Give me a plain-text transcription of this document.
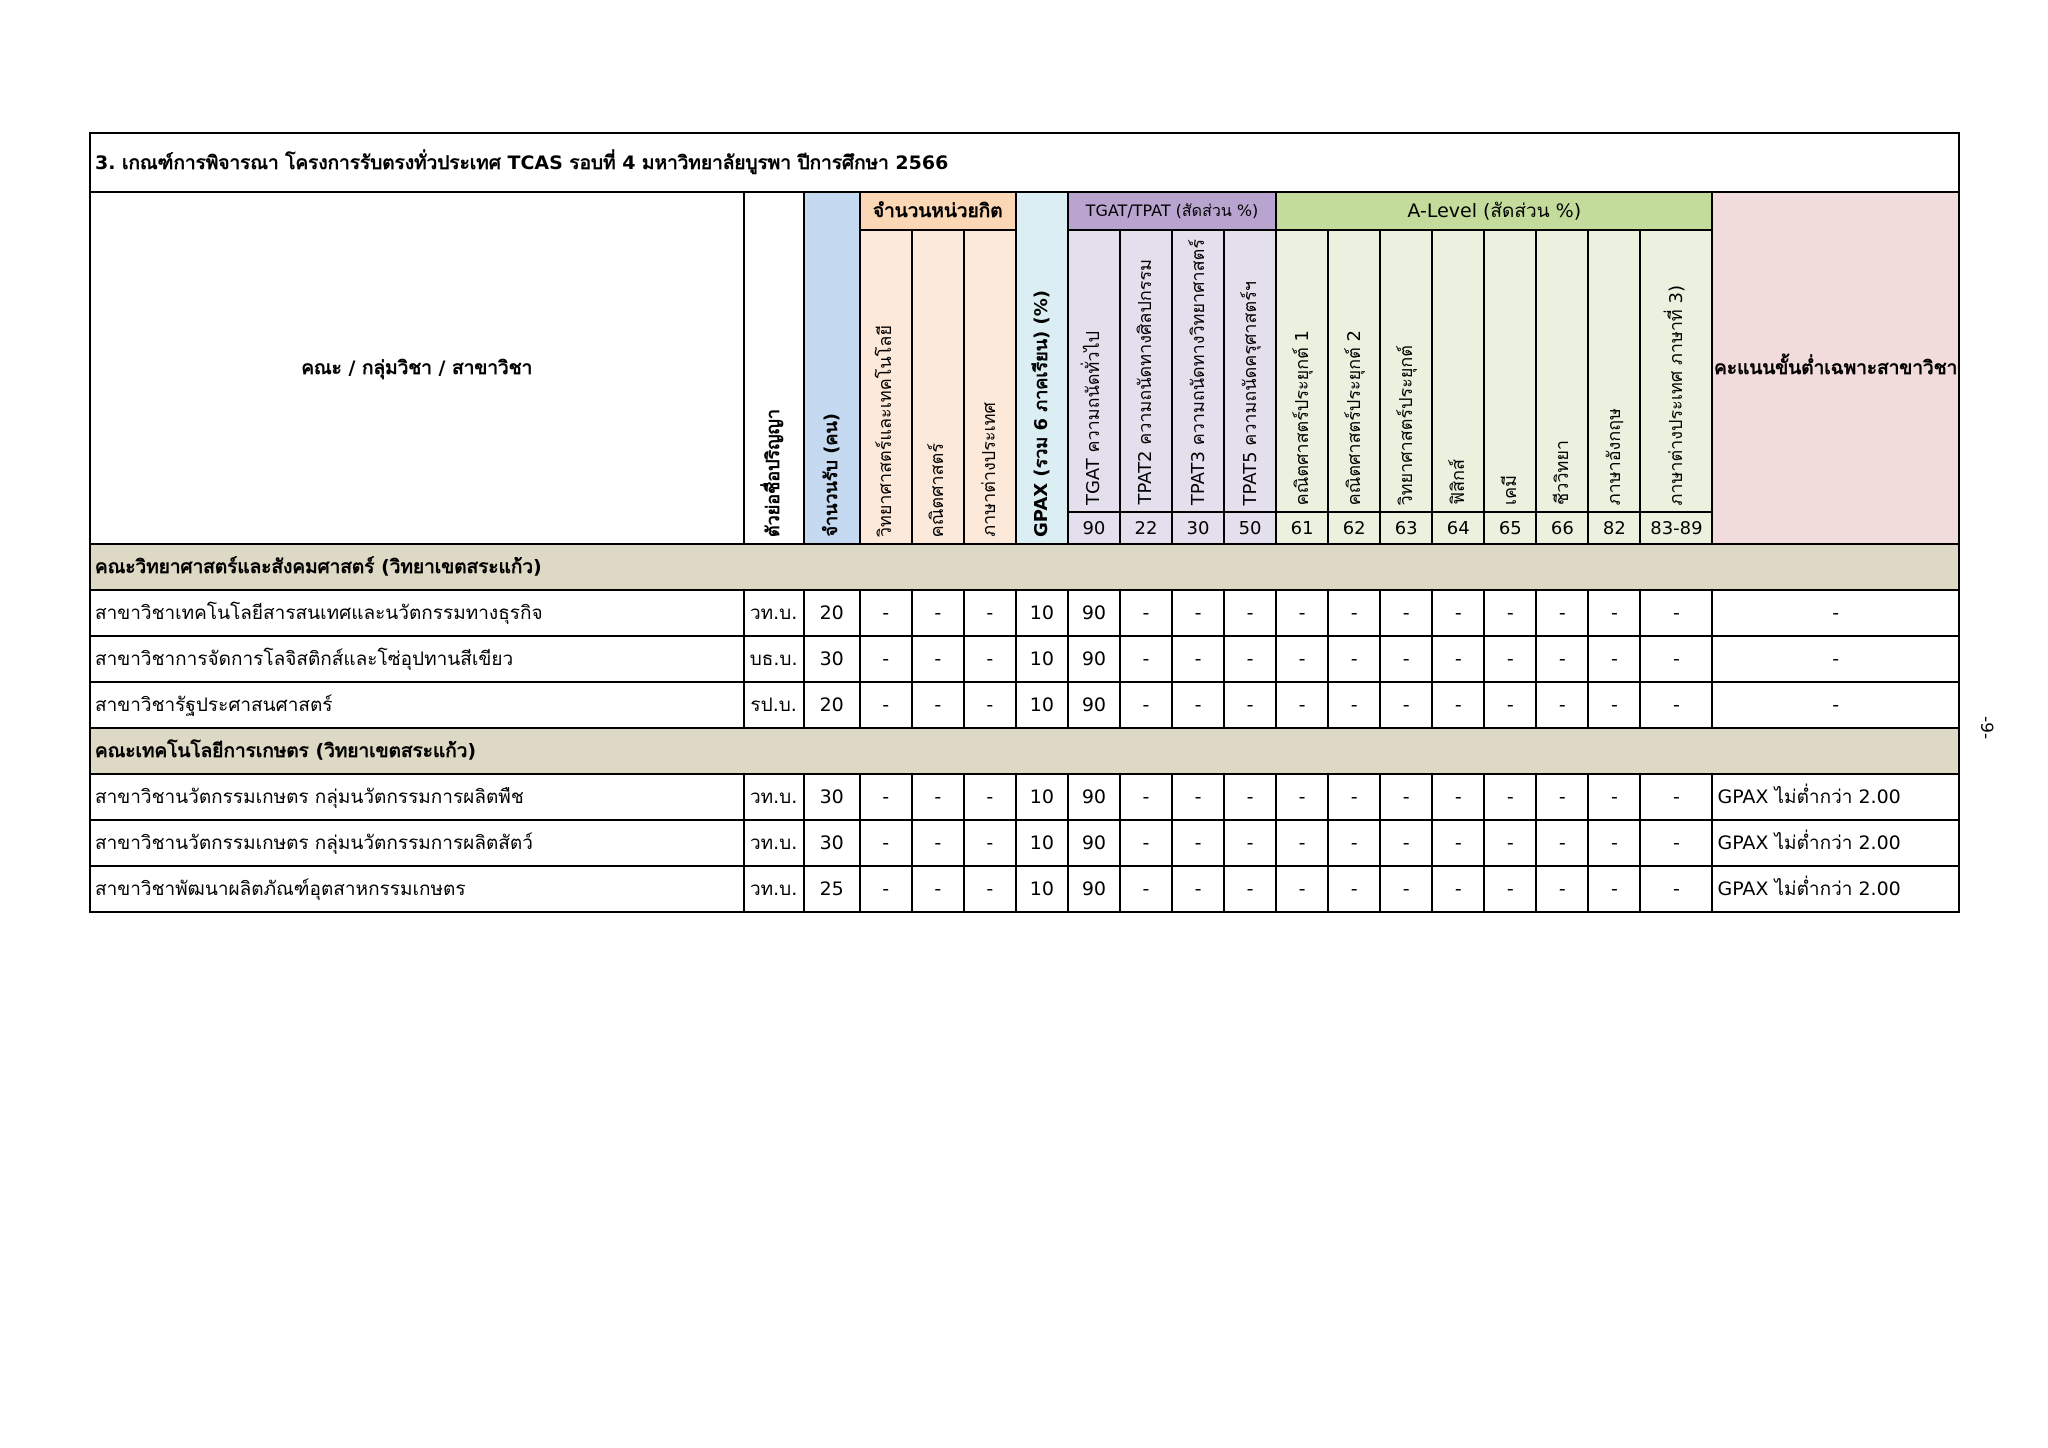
3. เกณฑ์การพิจารณา โครงการรับตรงทั่วประเทศ TCAS รอบที่ 4 มหาวิทยาลัยบูรพา ปีการศึกษา 2566																			
คณะ / กลุ่มวิชา / สาขาวิชา	ตัวย่อชื่อปริญญา	จำนวนรับ (คน)	จำนวนหน่วยกิต			GPAX (รวม 6 ภาคเรียน) (%)	TGAT/TPAT (สัดส่วน %)				A-Level (สัดส่วน %)								คะแนนขั้นต่ำเฉพาะสาขาวิชา
			วิทยาศาสตร์และเทคโนโลยี	คณิตศาสตร์	ภาษาต่างประเทศ		TGAT ความถนัดทั่วไป	TPAT2 ความถนัดทางศิลปกรรม	TPAT3 ความถนัดทางวิทยาศาสตร์	TPAT5 ความถนัดครุศาสตร์ฯ	คณิตศาสตร์ประยุกต์ 1	คณิตศาสตร์ประยุกต์ 2	วิทยาศาสตร์ประยุกต์	ฟิสิกส์	เคมี	ชีววิทยา	ภาษาอังกฤษ	ภาษาต่างประเทศ ภาษาที่ 3)	
							90	22	30	50	61	62	63	64	65	66	82	83-89	
คณะวิทยาศาสตร์และสังคมศาสตร์ (วิทยาเขตสระแก้ว)																			
สาขาวิชาเทคโนโลยีสารสนเทศและนวัตกรรมทางธุรกิจ	วท.บ.	20	-	-	-	10	90	-	-	-	-	-	-	-	-	-	-	-	-
สาขาวิชาการจัดการโลจิสติกส์และโซ่อุปทานสีเขียว	บธ.บ.	30	-	-	-	10	90	-	-	-	-	-	-	-	-	-	-	-	-
สาขาวิชารัฐประศาสนศาสตร์	รป.บ.	20	-	-	-	10	90	-	-	-	-	-	-	-	-	-	-	-	-
คณะเทคโนโลยีการเกษตร (วิทยาเขตสระแก้ว)																			
สาขาวิชานวัตกรรมเกษตร กลุ่มนวัตกรรมการผลิตพืช	วท.บ.	30	-	-	-	10	90	-	-	-	-	-	-	-	-	-	-	-	GPAX ไม่ต่ำกว่า 2.00
สาขาวิชานวัตกรรมเกษตร กลุ่มนวัตกรรมการผลิตสัตว์	วท.บ.	30	-	-	-	10	90	-	-	-	-	-	-	-	-	-	-	-	GPAX ไม่ต่ำกว่า 2.00
สาขาวิชาพัฒนาผลิตภัณฑ์อุตสาหกรรมเกษตร	วท.บ.	25	-	-	-	10	90	-	-	-	-	-	-	-	-	-	-	-	GPAX ไม่ต่ำกว่า 2.00
-9-
